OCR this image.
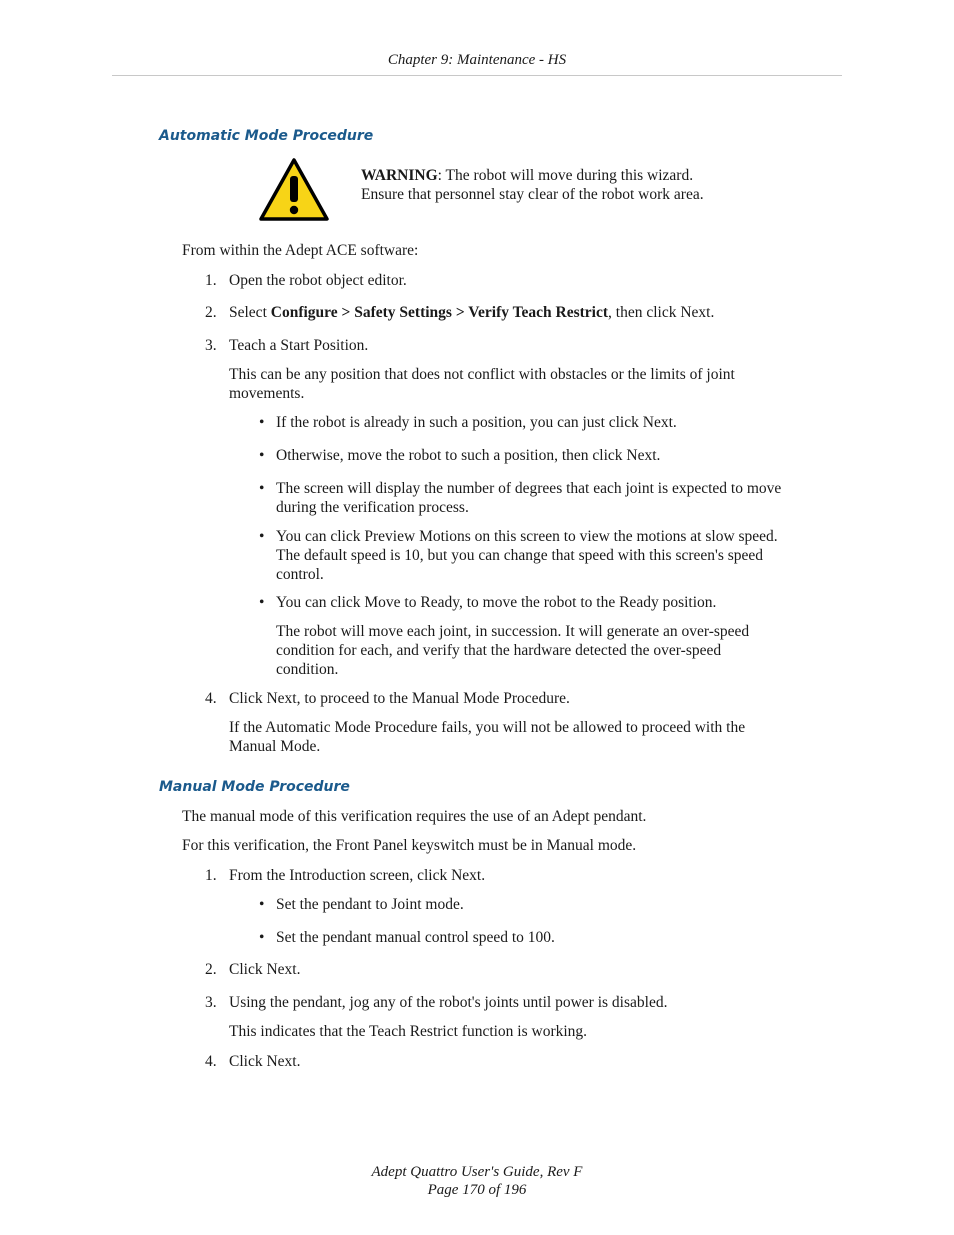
Chapter 9: Maintenance - HS
Automatic Mode Procedure
WARNING: The robot will move during this wizard.
Ensure that personnel stay clear of the robot work area.
From within the Adept ACE software:
1. Open the robot object editor.
2. Select Configure > Safety Settings > Verify Teach Restrict, then click Next.
3. Teach a Start Position.
This can be any position that does not conflict with obstacles or the limits of joint
movements.
• If the robot is already in such a position, you can just click Next.
• Otherwise, move the robot to such a position, then click Next.
• The screen will display the number of degrees that each joint is expected to move
during the verification process.
• You can click Preview Motions on this screen to view the motions at slow speed.
The default speed is 10, but you can change that speed with this screen's speed
control.
• You can click Move to Ready, to move the robot to the Ready position.
The robot will move each joint, in succession. It will generate an over-speed
condition for each, and verify that the hardware detected the over-speed
condition.
4. Click Next, to proceed to the Manual Mode Procedure.
If the Automatic Mode Procedure fails, you will not be allowed to proceed with the
Manual Mode.
Manual Mode Procedure
The manual mode of this verification requires the use of an Adept pendant.
For this verification, the Front Panel keyswitch must be in Manual mode.
1. From the Introduction screen, click Next.
• Set the pendant to Joint mode.
• Set the pendant manual control speed to 100.
2. Click Next.
3. Using the pendant, jog any of the robot's joints until power is disabled.
This indicates that the Teach Restrict function is working.
4. Click Next.
Adept Quattro User's Guide, Rev F
Page 170 of 196
